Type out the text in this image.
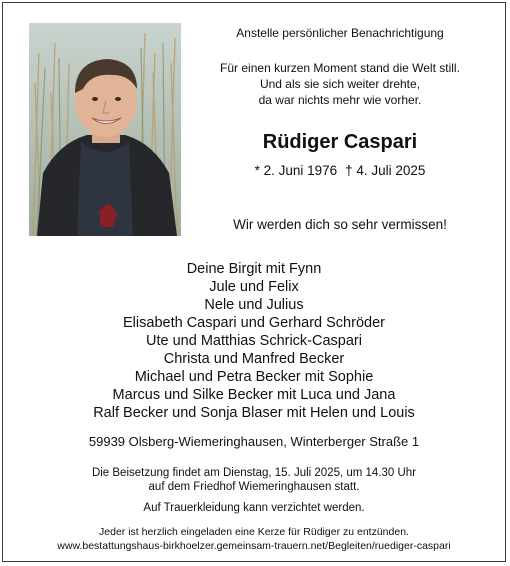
Anstelle persönlicher Benachrichtigung

Für einen kurzen Moment stand die Welt still.

Und als sie sich weiter drehte,

da war nichts mehr wie vorher.

Rüdiger Caspari

* 2. Juni 1976 † 4. Juli 2025

Wir werden dich so sehr vermissen!

Deine Birgit mit Fynn

Jule und Felix

Nele und Julius

Elisabeth Caspari und Gerhard Schröder

Ute und Matthias Schrick-Caspari

Christa und Manfred Becker

Michael und Petra Becker mit Sophie

Marcus und Silke Becker mit Luca und Jana

Ralf Becker und Sonja Blaser mit Helen und Louis

59939 Olsberg-Wiemeringhausen, Winterberger Straße 1

Die Beisetzung findet am Dienstag, 15. Juli 2025, um 14.30 Uhr

auf dem Friedhof Wiemeringhausen statt.

Auf Trauerkleidung kann verzichtet werden.

Jeder ist herzlich eingeladen eine Kerze für Rüdiger zu entzünden.

www.bestattungshaus-birkhoelzer.gemeinsam-trauern.net/Begleiten/ruediger-caspari
